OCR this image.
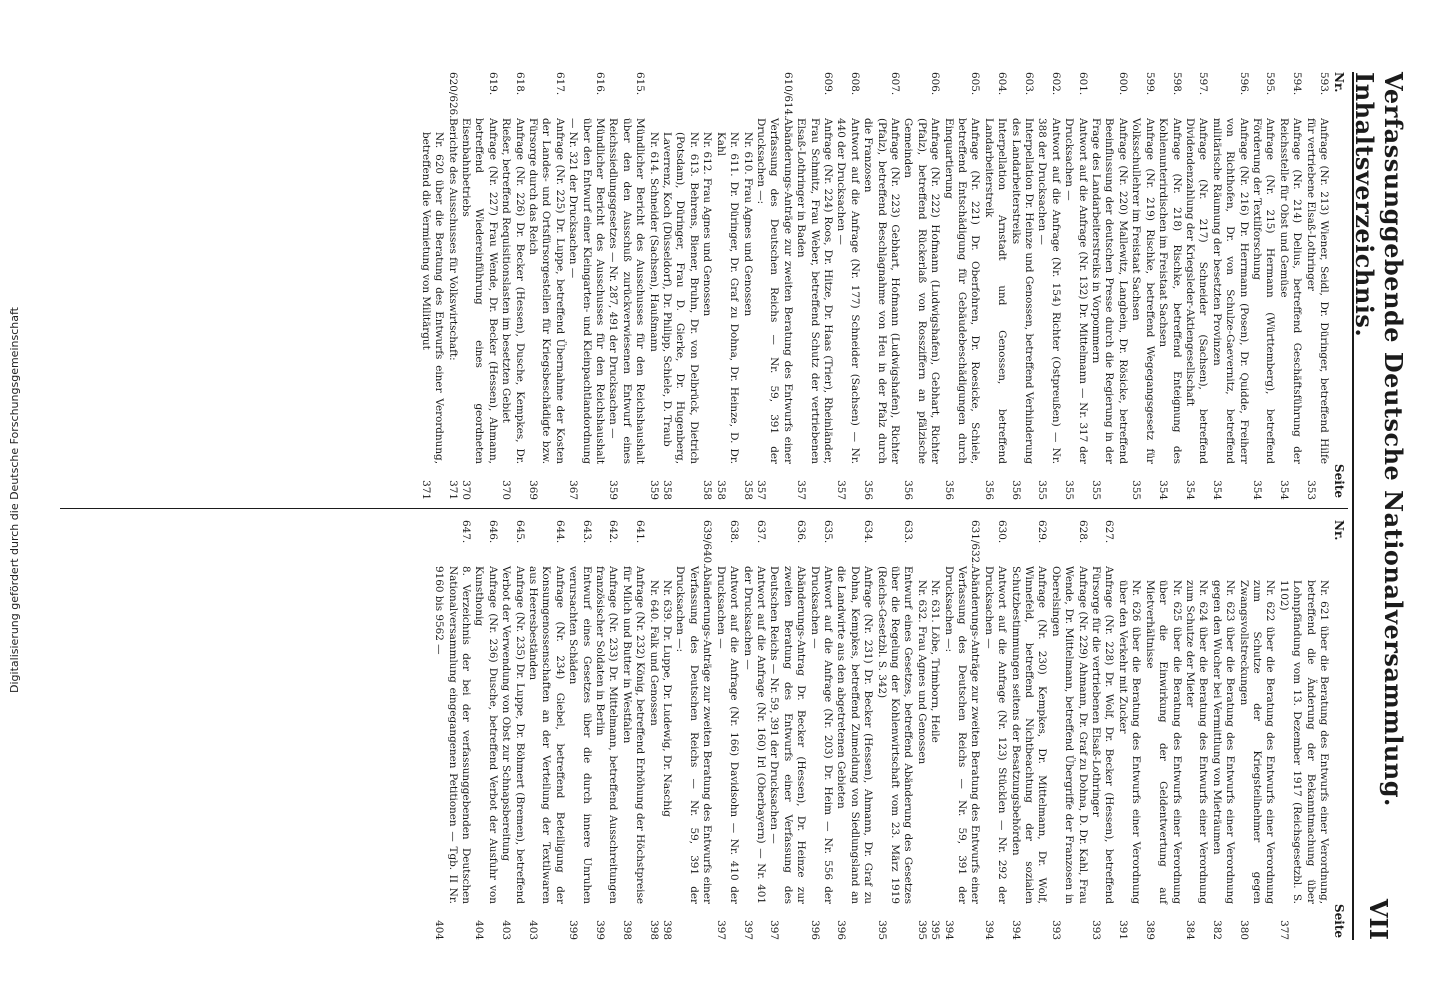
Verfassunggebende Deutsche Nationalversammlung. Inhaltsverzeichnis.
VII
Nr.
Seite
Nr.
Seite
593.
Anfrage (Nr. 213) Wiener, Seidl, Dr. Düringer, betreffend Hilfe für vertriebene Elsaß-Lothringer
353
594.
Anfrage (Nr. 214) Delius, betreffend Geschäftsführung der Reichsstelle für Obst und Gemüse
354
595.
Anfrage (Nr. 215) Hermann (Württemberg), betreffend Förderung der Textilforschung
354
596.
Anfrage (Nr. 216) Dr. Herrmann (Posen), Dr. Quidde, Freiherr von Richthofen, Dr. von Schulze-Gaevernitz, betreffend militärische Räumung der besetzten Provinzen
354
597.
Anfrage (Nr. 217) Schneider (Sachsen), betreffend Dividendenzahlung der Kriegsleder-Aktiengesellschaft
354
598.
Anfrage (Nr. 218) Rischke, betreffend Enteignung des Kohlenunterirdischen im Freistaat Sachsen
354
599.
Anfrage (Nr. 219) Rischke, betreffend Wegegangsgesetz für Volksschullehrer im Freistaat Sachsen
355
600.
Anfrage (Nr. 220) Mallewitz, Langbein, Dr. Rösicke, betreffend Beeinflussung der deutschen Presse durch die Regierung in der Frage des Landarbeiterstreiks in Vorpommern
355
601.
Antwort auf die Anfrage (Nr. 132) Dr. Mittelmann — Nr. 317 der Drucksachen —
355
602.
Antwort auf die Anfrage (Nr. 154) Richter (Ostpreußen) — Nr. 388 der Drucksachen —
355
603.
Interpellation Dr. Heinze und Genossen, betreffend Verhinderung des Landarbeiterstreiks
356
604.
Interpellation Arnstadt und Genossen, betreffend Landarbeiterstreik
356
605.
Anfrage (Nr. 221) Dr. Oberfohren, Dr. Roesicke, Schiele, betreffend Entschädigung für Gebäudebeschädigungen durch Einquartierung
356
606.
Anfrage (Nr. 222) Hofmann (Ludwigshafen), Gebhart, Richter (Pfalz), betreffend Rückerlaß von Rossziffern an pfälzische Gemeinden
356
607.
Anfrage (Nr. 223) Gebhart, Hofmann (Ludwigshafen), Richter (Pfalz), betreffend Beschlagnahme von Heu in der Pfalz durch die Franzosen
356
608.
Antwort auf die Anfrage (Nr. 177) Schneider (Sachsen) — Nr. 440 der Drucksachen —
357
609.
Anfrage (Nr. 224) Roos, Dr. Hitze, Dr. Haas (Trier), Rheinländer, Frau Schmitz, Frau Weber, betreffend Schutz der vertriebenen Elsaß-Lothringer in Baden
357
610/614.
Abänderungs-Anträge zur zweiten Beratung des Entwurfs einer Verfassung des Deutschen Reichs — Nr. 59, 391 der Drucksachen —:
357
Nr. 610. Frau Agnes und Genossen
358
Nr. 611. Dr. Düringer, Dr. Graf zu Dohna, Dr. Heinze, D. Dr. Kahl
358
Nr. 612. Frau Agnes und Genossen
358
Nr. 613. Behrens, Biener, Bruhn, Dr. von Delbrück, Dietrich (Potsdam), Düringer, Frau D. Gierke, Dr. Hugenberg, Laverrenz, Koch (Düsseldorf), Dr. Philipp, Schiele, D. Traub
358
Nr. 614. Schneider (Sachsen), Haußmann
359
615.
Mündlicher Bericht des Ausschusses für den Reichshaushalt über den den Ausschuß zurückverwiesenen Entwurf eines Reichssiedlungsgesetzes — Nr. 287, 491 der Drucksachen —
359
616.
Mündlicher Bericht des Ausschusses für den Reichshaushalt über den Entwurf einer Kleingarten- und Kleinpachtlandordnung — Nr. 321 der Drucksachen —
367
617.
Anfrage (Nr. 225) Dr. Luppe, betreffend Übernahme der Kosten der Landes- und Ortsfürsorgestellen für Kriegsbeschädigte bzw. Fürsorge durch das Reich
369
618.
Anfrage (Nr. 226) Dr. Becker (Hessen), Dusche, Kempkes, Dr. Rießer, betreffend Requisitionslasten im besetzten Gebiet
370
619.
Anfrage (Nr. 227) Frau Wende, Dr. Becker (Hessen), Ahmann, betreffend Wiedereinführung eines geordneten Eisenbahnbetriebs
370
620/626.
Berichte des Ausschusses für Volkswirtschaft:
371
Nr. 620 über die Beratung des Entwurfs einer Verordnung, betreffend die Vermietung von Militärgut
371
Nr. 621 über die Beratung des Entwurfs einer Verordnung, betreffend die Änderung der Bekanntmachung über Lohnpfändung vom 13. Dezember 1917 (Reichsgesetzbl. S. 1102)
377
Nr. 622 über die Beratung des Entwurfs einer Verordnung zum Schutze der Kriegsteilnehmer gegen Zwangsvollstreckungen
380
Nr. 623 über die Beratung des Entwurfs einer Verordnung gegen den Wucher bei Vermittlung von Mieträumen
382
Nr. 624 über die Beratung des Entwurfs einer Verordnung zum Schutze der Mieter
384
Nr. 625 über die Beratung des Entwurfs einer Verordnung über die Einwirkung der Geldentwertung auf Mietverhältnisse
389
Nr. 626 über die Beratung des Entwurfs einer Verordnung über den Verkehr mit Zucker
391
627.
Anfrage (Nr. 228) Dr. Wolf, Dr. Becker (Hessen), betreffend Fürsorge für die vertriebenen Elsaß-Lothringer
393
628.
Anfrage (Nr. 229) Ahmann, Dr. Graf zu Dohna, D. Dr. Kahl, Frau Wende, Dr. Mittelmann, betreffend Übergriffe der Franzosen in Oberelsingen
393
629.
Anfrage (Nr. 230) Kempkes, Dr. Mittelmann, Dr. Wolf, Winnefeld, betreffend Nichtbeachtung der sozialen Schutzbestimmungen seitens der Besatzungsbehörden
394
630.
Antwort auf die Anfrage (Nr. 123) Stücklen — Nr. 292 der Drucksachen —
394
631/632.
Abänderungs-Anträge zur zweiten Beratung des Entwurfs einer Verfassung des Deutschen Reichs — Nr. 59, 391 der Drucksachen —:
394
Nr. 631. Löbe, Trimborn, Heile
395
Nr. 632. Frau Agnes und Genossen
395
633.
Entwurf eines Gesetzes, betreffend Abänderung des Gesetzes über die Regelung der Kohlenwirtschaft vom 23. März 1919 (Reichs-Gesetzbl. S. 342)
395
634.
Anfrage (Nr. 231) Dr. Becker (Hessen), Ahmann, Dr. Graf zu Dohna, Kempkes, betreffend Zumeldung von Siedlungsland an die Landwirte aus den abgetretenen Gebieten
396
635.
Antwort auf die Anfrage (Nr. 203) Dr. Heim — Nr. 556 der Drucksachen —
396
636.
Abänderungs-Antrag Dr. Becker (Hessen), Dr. Heinze zur zweiten Beratung des Entwurfs einer Verfassung des Deutschen Reichs — Nr. 59, 391 der Drucksachen —
397
637.
Antwort auf die Anfrage (Nr. 160) Irl (Oberbayern) — Nr. 401 der Drucksachen —
397
638.
Antwort auf die Anfrage (Nr. 166) Davidsohn — Nr. 410 der Drucksachen —
397
639/640.
Abänderungs-Anträge zur zweiten Beratung des Entwurfs einer Verfassung des Deutschen Reichs — Nr. 59, 391 der Drucksachen —:
Nr. 639. Dr. Luppe, Dr. Ludewig, Dr. Naschig
398
Nr. 640. Falk und Genossen
398
641.
Anfrage (Nr. 232) König, betreffend Erhöhung der Höchstpreise für Milch und Butter in Westfalen
398
642.
Anfrage (Nr. 233) Dr. Mittelmann, betreffend Ausschreitungen französischer Soldaten in Berlin
399
643.
Entwurf eines Gesetzes über die durch innere Unruhen verursachten Schäden
399
644.
Anfrage (Nr. 234) Giebel, betreffend Beteiligung der Konsumgenossenschaften an der Verteilung der Textilwaren aus Heeresbeständen
403
645.
Anfrage (Nr. 235) Dr. Luppe, Dr. Böhmert (Bremen), betreffend Verbot der Verwendung von Obst zur Schnapsbereitung
403
646.
Anfrage (Nr. 236) Dusche, betreffend Verbot der Ausfuhr von Kunsthonig
404
647.
8. Verzeichnis der bei der verfassunggebenden Deutschen Nationalversammlung eingegangenen Petitionen — Tgb. II Nr. 9160 bis 9562 —
404
Digitalisierung gefördert durch die Deutsche Forschungsgemeinschaft
